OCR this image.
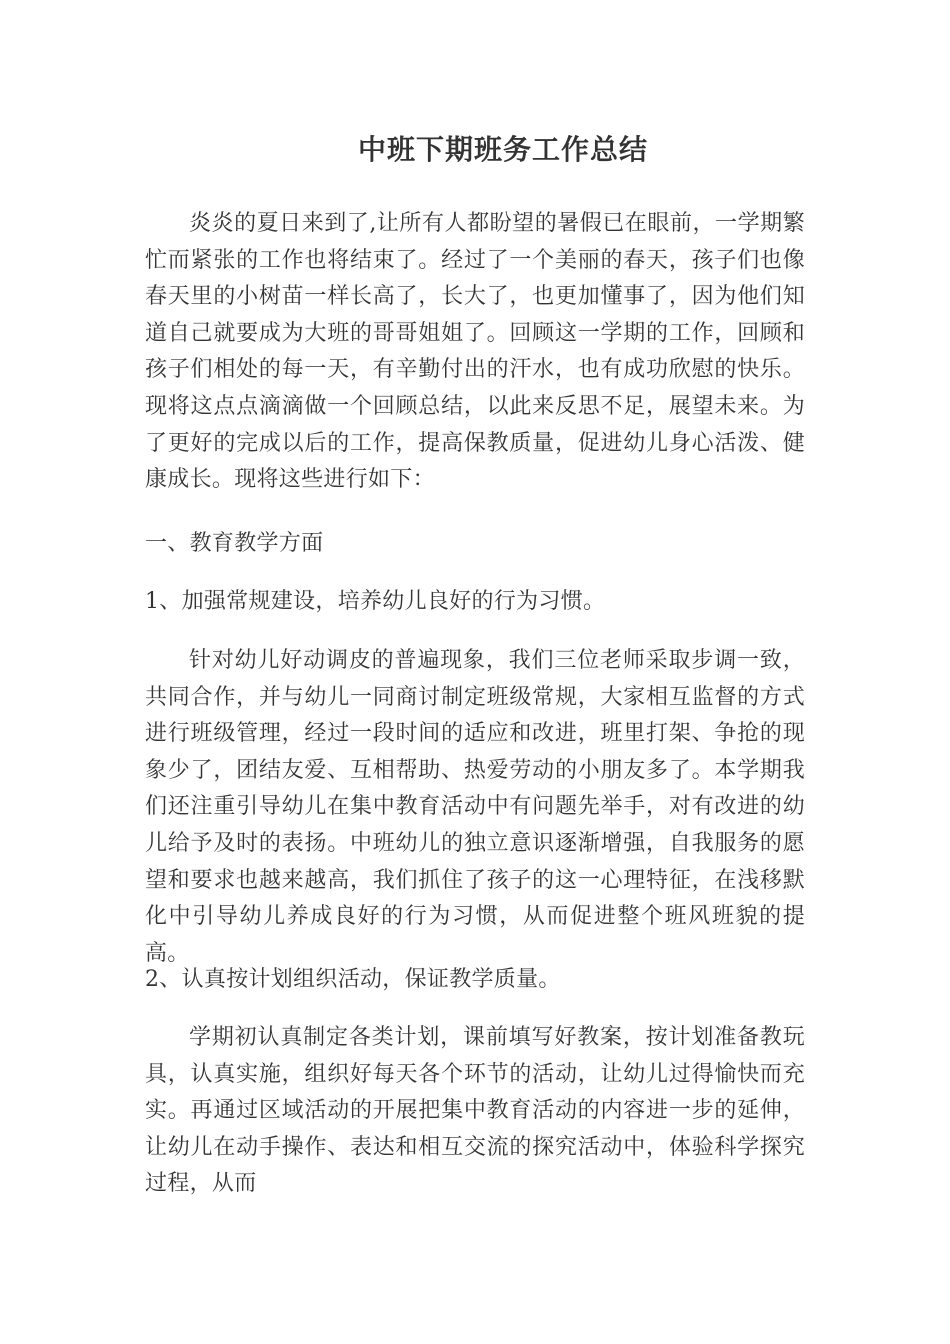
中班下期班务工作总结
炎炎的夏日来到了,让所有人都盼望的暑假已在眼前，一学期繁忙而紧张的工作也将结束了。经过了一个美丽的春天，孩子们也像春天里的小树苗一样长高了，长大了，也更加懂事了，因为他们知道自己就要成为大班的哥哥姐姐了。回顾这一学期的工作，回顾和孩子们相处的每一天，有辛勤付出的汗水，也有成功欣慰的快乐。现将这点点滴滴做一个回顾总结，以此来反思不足，展望未来。为了更好的完成以后的工作，提高保教质量，促进幼儿身心活泼、健康成长。现将这些进行如下：
一、教育教学方面
1、加强常规建设，培养幼儿良好的行为习惯。
针对幼儿好动调皮的普遍现象，我们三位老师采取步调一致，共同合作，并与幼儿一同商讨制定班级常规，大家相互监督的方式进行班级管理，经过一段时间的适应和改进，班里打架、争抢的现象少了，团结友爱、互相帮助、热爱劳动的小朋友多了。本学期我们还注重引导幼儿在集中教育活动中有问题先举手，对有改进的幼儿给予及时的表扬。中班幼儿的独立意识逐渐增强，自我服务的愿望和要求也越来越高，我们抓住了孩子的这一心理特征，在浅移默化中引导幼儿养成良好的行为习惯，从而促进整个班风班貌的提高。
2、认真按计划组织活动，保证教学质量。
学期初认真制定各类计划，课前填写好教案，按计划准备教玩具，认真实施，组织好每天各个环节的活动，让幼儿过得愉快而充实。再通过区域活动的开展把集中教育活动的内容进一步的延伸，让幼儿在动手操作、表达和相互交流的探究活动中，体验科学探究过程，从而
